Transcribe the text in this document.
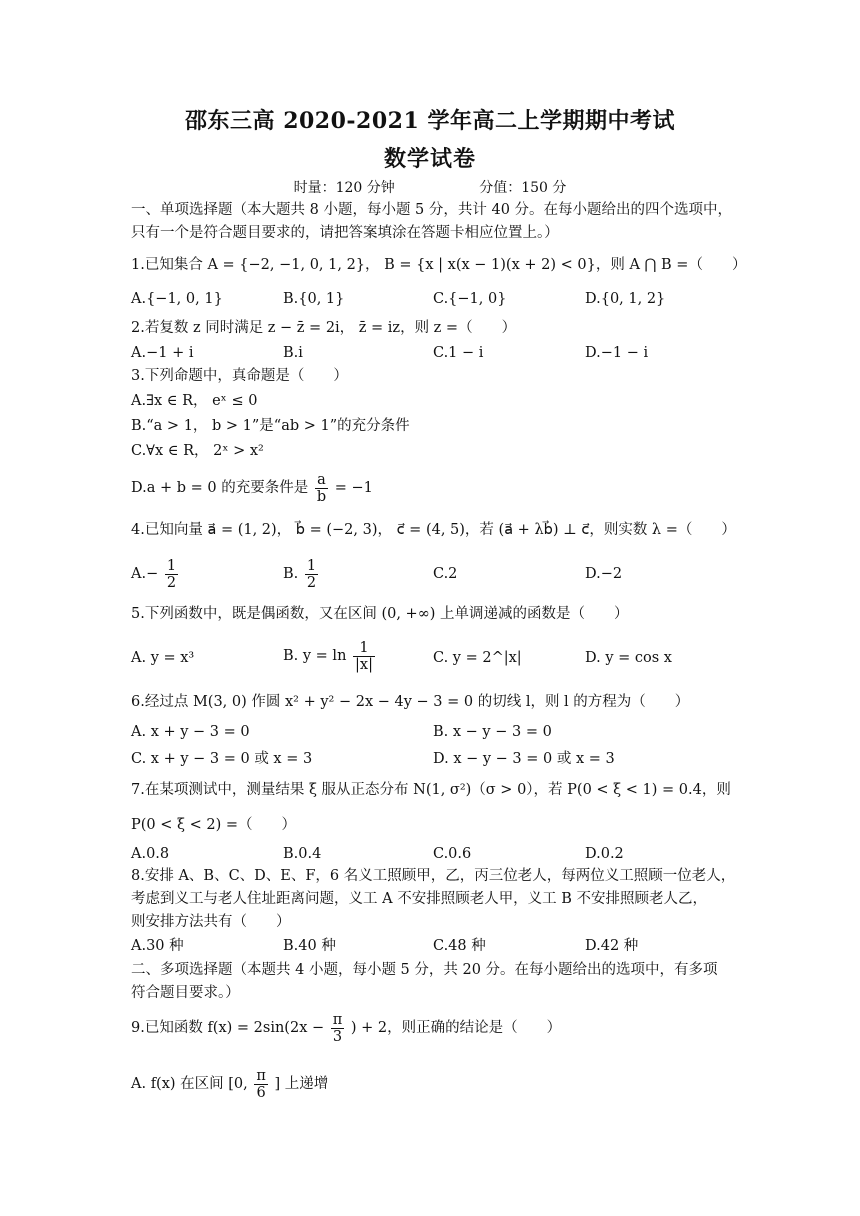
邵东三高 2020-2021 学年高二上学期期中考试
数学试卷
时量：120 分钟	分值：150 分
一、单项选择题（本大题共 8 小题，每小题 5 分，共计 40 分。在每小题给出的四个选项中，
只有一个是符合题目要求的，请把答案填涂在答题卡相应位置上。）
1.已知集合 A = {−2, −1, 0, 1, 2}， B = {x | x(x − 1)(x + 2) < 0}，则 A ⋂ B =（　　）
A.{−1, 0, 1}	B.{0, 1}	C.{−1, 0}	D.{0, 1, 2}
2.若复数 z 同时满足 z − z̄ = 2i， z̄ = iz，则 z =（　　）
A.−1 + i	B.i	C.1 − i	D.−1 − i
3.下列命题中，真命题是（　　）
A.∃x ∈ R， eˣ ≤ 0
B.“a > 1， b > 1”是“ab > 1”的充分条件
C.∀x ∈ R， 2ˣ > x²
D.a + b = 0 的充要条件是 $\frac{a}{b} = -1$
4.已知向量 a⃗ = (1, 2)， b⃗ = (−2, 3)， c⃗ = (4, 5)，若 (a⃗ + λb⃗) ⊥ c⃗，则实数 λ =（　　）
$A.- \frac{1}{2}$	B. $\frac{1}{2}$	C.2	D.−2
5.下列函数中，既是偶函数，又在区间 (0, +∞) 上单调递减的函数是（　　）
A. y = x³	B. $y = \ln \frac{1}{|x|}$	C. y = 2^|x|	D. y = cos x
6.经过点 M(3, 0) 作圆 x² + y² − 2x − 4y − 3 = 0 的切线 l，则 l 的方程为（　　）
A. x + y − 3 = 0	B. x − y − 3 = 0
C. x + y − 3 = 0 或 x = 3	D. x − y − 3 = 0 或 x = 3
7.在某项测试中，测量结果 ξ 服从正态分布 N(1, σ²)（σ > 0），若 P(0 < ξ < 1) = 0.4，则
P(0 < ξ < 2) =（　　）
A.0.8	B.0.4	C.0.6	D.0.2
8.安排 A、B、C、D、E、F，6 名义工照顾甲，乙，丙三位老人，每两位义工照顾一位老人，
考虑到义工与老人住址距离问题，义工 A 不安排照顾老人甲，义工 B 不安排照顾老人乙，
则安排方法共有（　　）
A.30 种	B.40 种	C.48 种	D.42 种
二、多项选择题（本题共 4 小题，每小题 5 分，共 20 分。在每小题给出的选项中，有多项
符合题目要求。）
9.已知函数 $f(x) = 2\sin(2x - \frac{\pi}{3}$ ) + 2，则正确的结论是（　　）
A. f(x) 在区间 [0, $\frac{\pi}{6}$ ] 上递增
